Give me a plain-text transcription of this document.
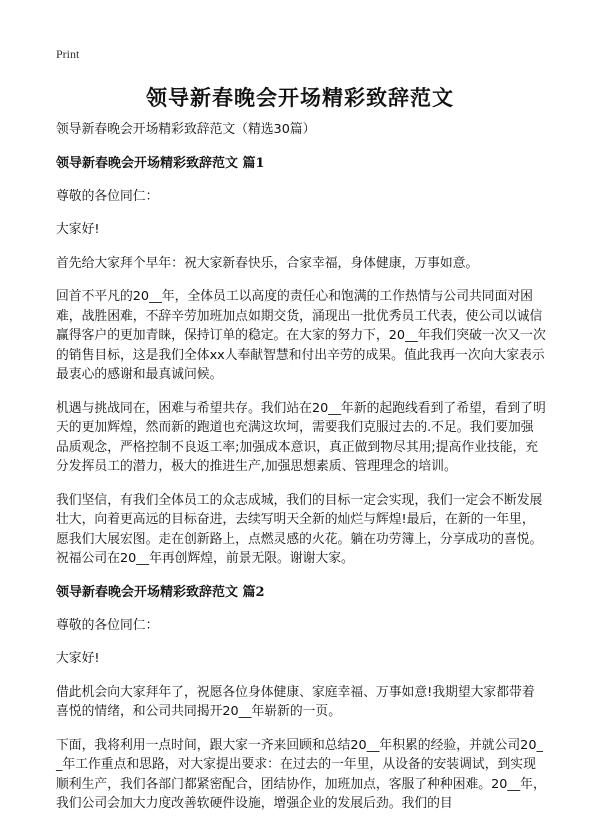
Print
领导新春晚会开场精彩致辞范文

领导新春晚会开场精彩致辞范文（精选30篇）

领导新春晚会开场精彩致辞范文 篇1

尊敬的各位同仁：

大家好!

首先给大家拜个早年：祝大家新春快乐，合家幸福，身体健康，万事如意。

回首不平凡的20__年，全体员工以高度的责任心和饱满的工作热情与公司共同面对困难，战胜困难，不辞辛劳加班加点如期交货，涌现出一批优秀员工代表，使公司以诚信赢得客户的更加青睐，保持订单的稳定。在大家的努力下，20__年我们突破一次又一次的销售目标，这是我们全体xx人奉献智慧和付出辛劳的成果。值此我再一次向大家表示最衷心的感谢和最真诚问候。

机遇与挑战同在，困难与希望共存。我们站在20__年新的起跑线看到了希望，看到了明天的更加辉煌，然而新的跑道也充满这坎坷，需要我们克服过去的.不足。我们要加强品质观念，严格控制不良返工率;加强成本意识，真正做到物尽其用;提高作业技能，充分发挥员工的潜力，极大的推进生产,加强思想素质、管理理念的培训。

我们坚信，有我们全体员工的众志成城，我们的目标一定会实现，我们一定会不断发展壮大，向着更高远的目标奋进，去续写明天全新的灿烂与辉煌!最后，在新的一年里，愿我们大展宏图。走在创新路上，点燃灵感的火花。躺在功劳簿上，分享成功的喜悦。祝福公司在20__年再创辉煌，前景无限。谢谢大家。

领导新春晚会开场精彩致辞范文 篇2

尊敬的各位同仁：

大家好!

借此机会向大家拜年了，祝愿各位身体健康、家庭幸福、万事如意!我期望大家都带着喜悦的情绪，和公司共同揭开20__年崭新的一页。

下面，我将利用一点时间，跟大家一齐来回顾和总结20__年积累的经验，并就公司20__年工作重点和思路，对大家提出要求：在过去的一年里，从设备的安装调试，到实现顺利生产，我们各部门都紧密配合，团结协作，加班加点，客服了种种困难。20__年，我们公司会加大力度改善软硬件设施，增强企业的发展后劲。我们的目
